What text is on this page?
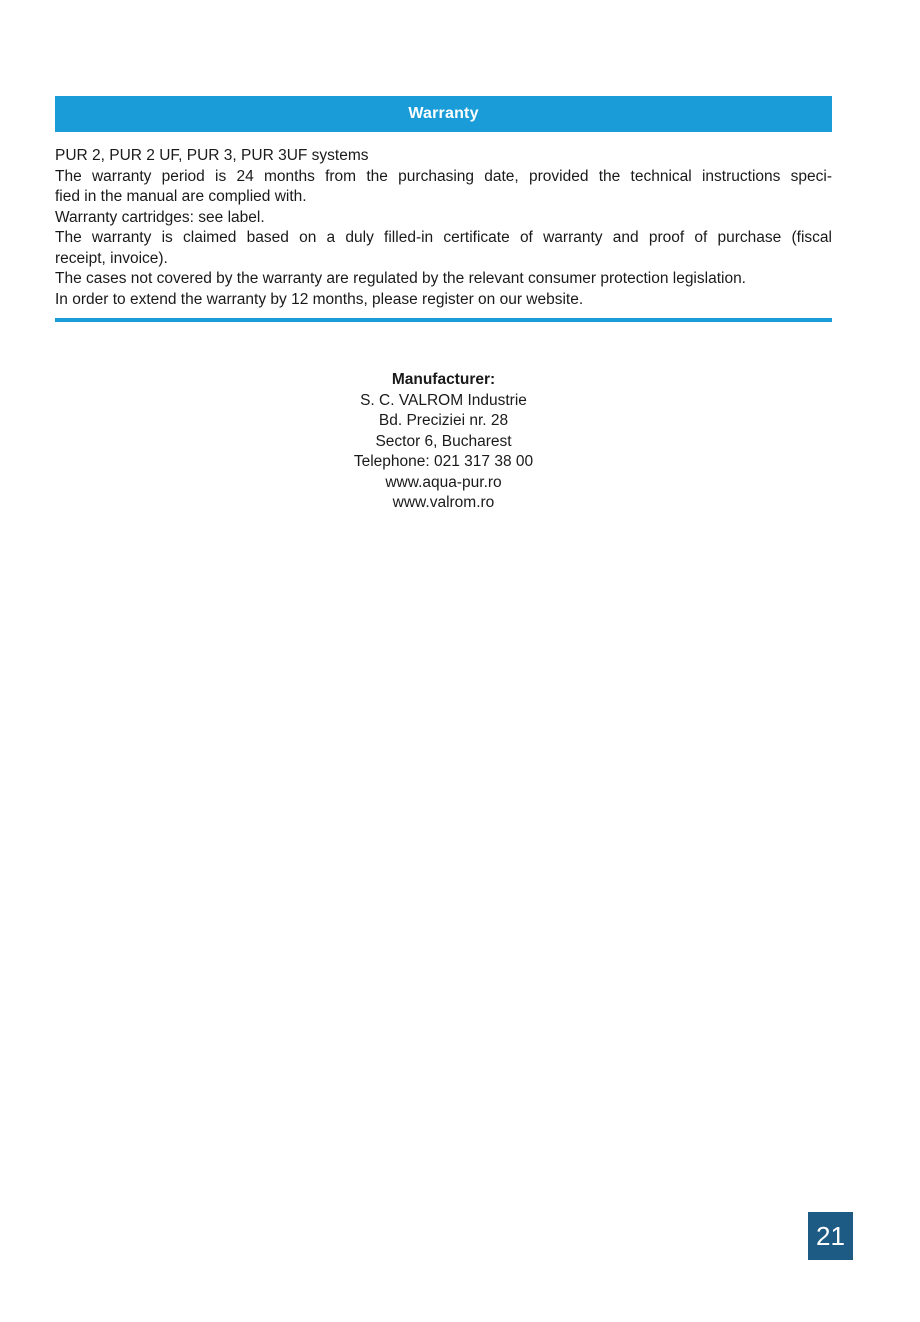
Warranty
PUR 2, PUR 2 UF, PUR 3, PUR 3UF systems
The warranty period is 24 months from the purchasing date, provided the technical instructions speci-
fied in the manual are complied with.
Warranty cartridges: see label.
The warranty is claimed based on a duly filled-in certificate of warranty and proof of purchase (fiscal
receipt, invoice).
The cases not covered by the warranty are regulated by the relevant consumer protection legislation.
In order to extend the warranty by 12 months, please register on our website.
Manufacturer:
S. C. VALROM Industrie
Bd. Preciziei nr. 28
Sector 6, Bucharest
Telephone: 021 317 38 00
www.aqua-pur.ro
www.valrom.ro
21
